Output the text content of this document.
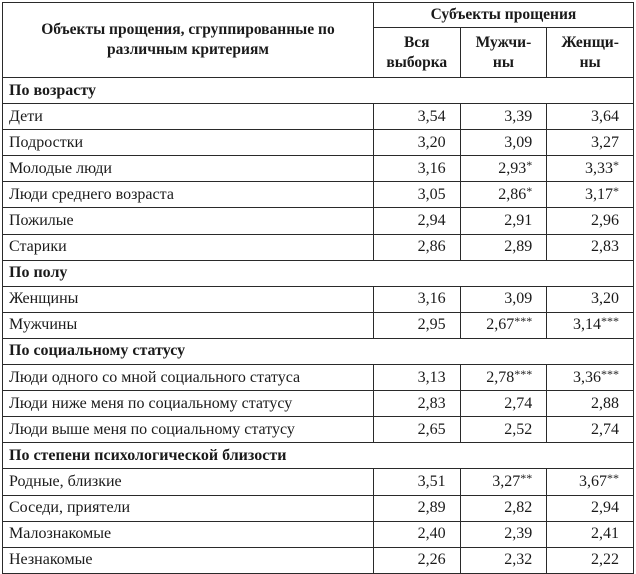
Объекты прощения, сгруппированные по различным критериям	Субъекты прощения		
	Вся выборка	Мужчи-ны	Женщи-ны
По возрасту			
Дети	3,54	3,39	3,64
Подростки	3,20	3,09	3,27
Молодые люди	3,16	2,93*	3,33*
Люди среднего возраста	3,05	2,86*	3,17*
Пожилые	2,94	2,91	2,96
Старики	2,86	2,89	2,83
По полу			
Женщины	3,16	3,09	3,20
Мужчины	2,95	2,67***	3,14***
По социальному статусу			
Люди одного со мной социального статуса	3,13	2,78***	3,36***
Люди ниже меня по социальному статусу	2,83	2,74	2,88
Люди выше меня по социальному статусу	2,65	2,52	2,74
По степени психологической близости			
Родные, близкие	3,51	3,27**	3,67**
Соседи, приятели	2,89	2,82	2,94
Малознакомые	2,40	2,39	2,41
Незнакомые	2,26	2,32	2,22
